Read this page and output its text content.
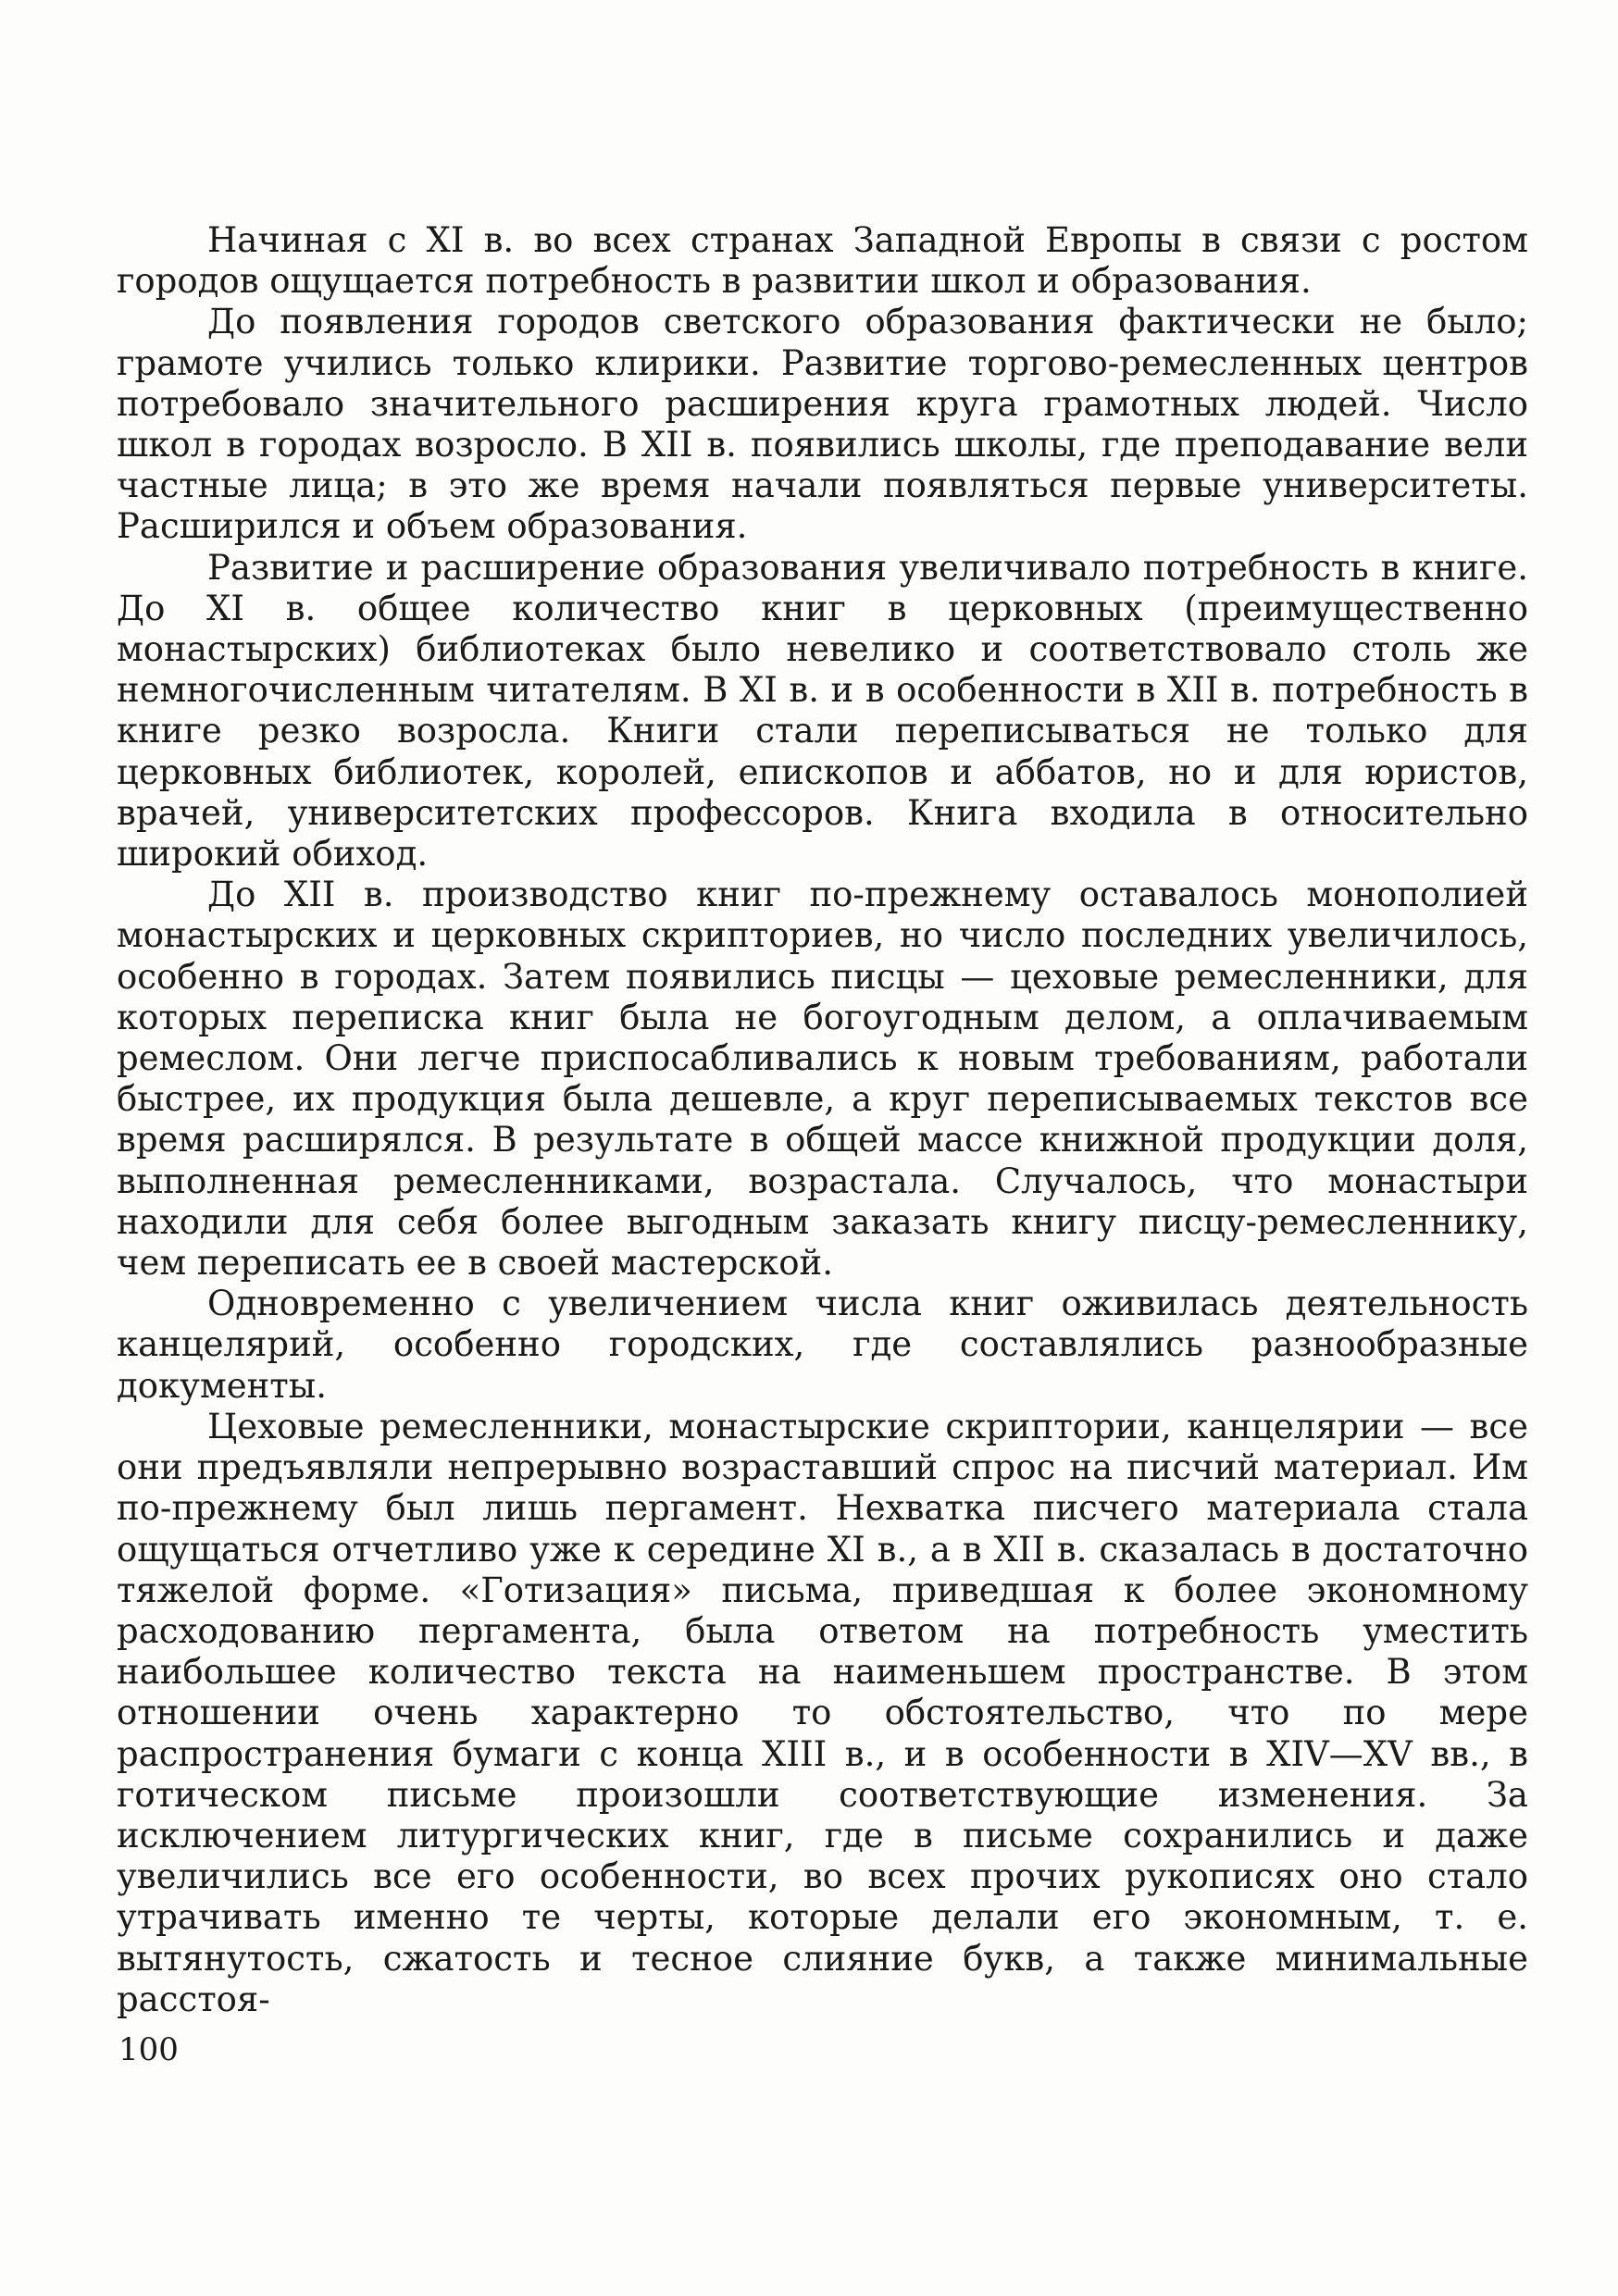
Начиная с XI в. во всех странах Западной Европы в связи с ростом городов ощущается потребность в развитии школ и образования.

До появления городов светского образования фактически не было; грамоте учились только клирики. Развитие торгово-ремесленных центров потребовало значительного расширения круга грамотных людей. Число школ в городах возросло. В XII в. появились школы, где преподавание вели частные лица; в это же время начали появляться первые университеты. Расширился и объем образования.

Развитие и расширение образования увеличивало потребность в книге. До XI в. общее количество книг в церковных (преимущественно монастырских) библиотеках было невелико и соответствовало столь же немногочисленным читателям. В XI в. и в особенности в XII в. потребность в книге резко возросла. Книги стали переписываться не только для церковных библиотек, королей, епископов и аббатов, но и для юристов, врачей, университетских профессоров. Книга входила в относительно широкий обиход.

До XII в. производство книг по-прежнему оставалось монополией монастырских и церковных скрипториев, но число последних увеличилось, особенно в городах. Затем появились писцы — цеховые ремесленники, для которых переписка книг была не богоугодным делом, а оплачиваемым ремеслом. Они легче приспосабливались к новым требованиям, работали быстрее, их продукция была дешевле, а круг переписываемых текстов все время расширялся. В результате в общей массе книжной продукции доля, выполненная ремесленниками, возрастала. Случалось, что монастыри находили для себя более выгодным заказать книгу писцу-ремесленнику, чем переписать ее в своей мастерской.

Одновременно с увеличением числа книг оживилась деятельность канцелярий, особенно городских, где составлялись разнообразные документы.

Цеховые ремесленники, монастырские скриптории, канцелярии — все они предъявляли непрерывно возраставший спрос на писчий материал. Им по-прежнему был лишь пергамент. Нехватка писчего материала стала ощущаться отчетливо уже к середине XI в., а в XII в. сказалась в достаточно тяжелой форме. «Готизация» письма, приведшая к более экономному расходованию пергамента, была ответом на потребность уместить наибольшее количество текста на наименьшем пространстве. В этом отношении очень характерно то обстоятельство, что по мере распространения бумаги с конца XIII в., и в особенности в XIV—XV вв., в готическом письме произошли соответствующие изменения. За исключением литургических книг, где в письме сохранились и даже увеличились все его особенности, во всех прочих рукописях оно стало утрачивать именно те черты, которые делали его экономным, т. е. вытянутость, сжатость и тесное слияние букв, а также минимальные расстоя-

100
